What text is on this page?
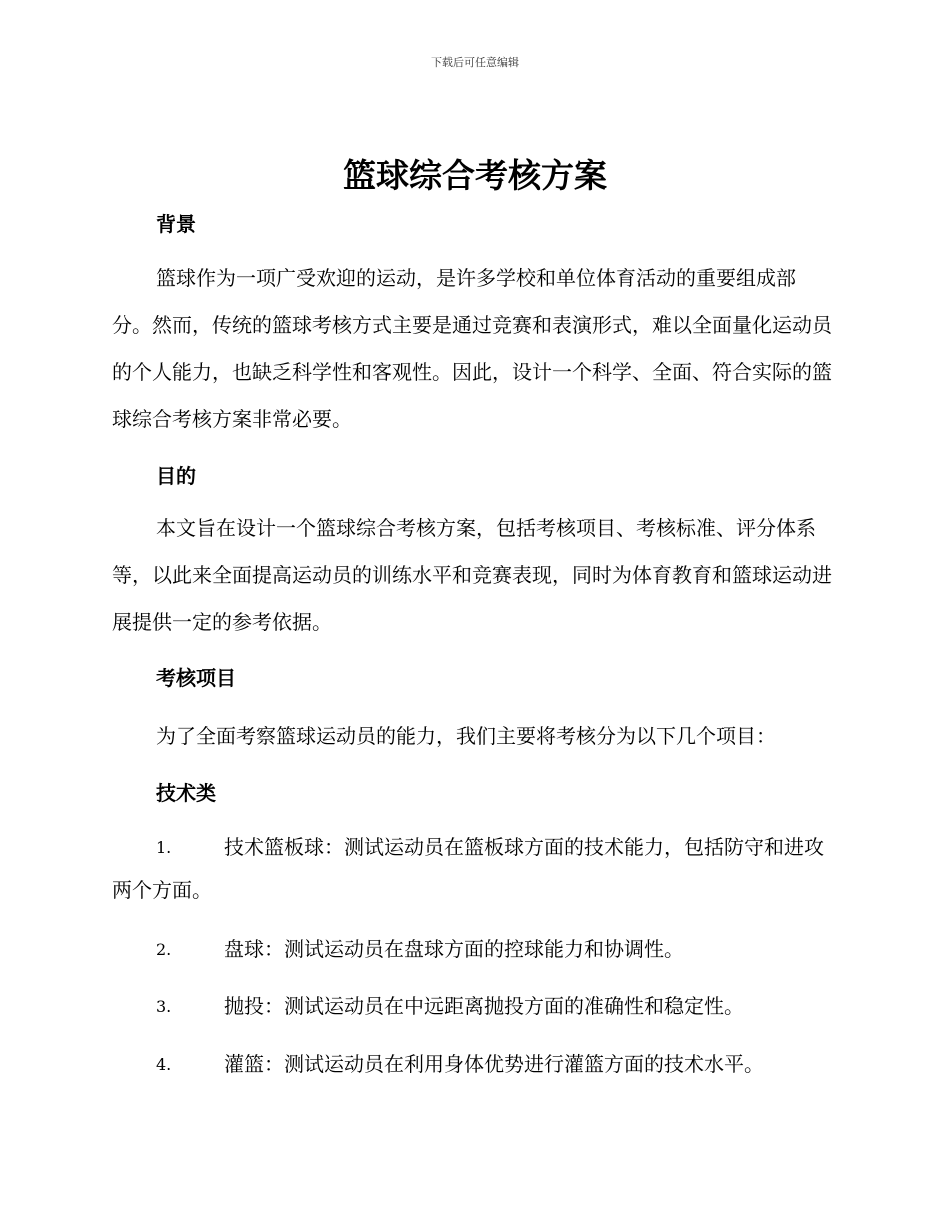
下载后可任意编辑
篮球综合考核方案
背景

篮球作为一项广受欢迎的运动，是许多学校和单位体育活动的重要组成部分。然而，传统的篮球考核方式主要是通过竞赛和表演形式，难以全面量化运动员的个人能力，也缺乏科学性和客观性。因此，设计一个科学、全面、符合实际的篮球综合考核方案非常必要。

目的

本文旨在设计一个篮球综合考核方案，包括考核项目、考核标准、评分体系等，以此来全面提高运动员的训练水平和竞赛表现，同时为体育教育和篮球运动进展提供一定的参考依据。

考核项目
为了全面考察篮球运动员的能力，我们主要将考核分为以下几个项目：
技术类
1.	技术篮板球：测试运动员在篮板球方面的技术能力，包括防守和进攻两个方面。
2.	盘球：测试运动员在盘球方面的控球能力和协调性。
3.	抛投：测试运动员在中远距离抛投方面的准确性和稳定性。
4.	灌篮：测试运动员在利用身体优势进行灌篮方面的技术水平。
